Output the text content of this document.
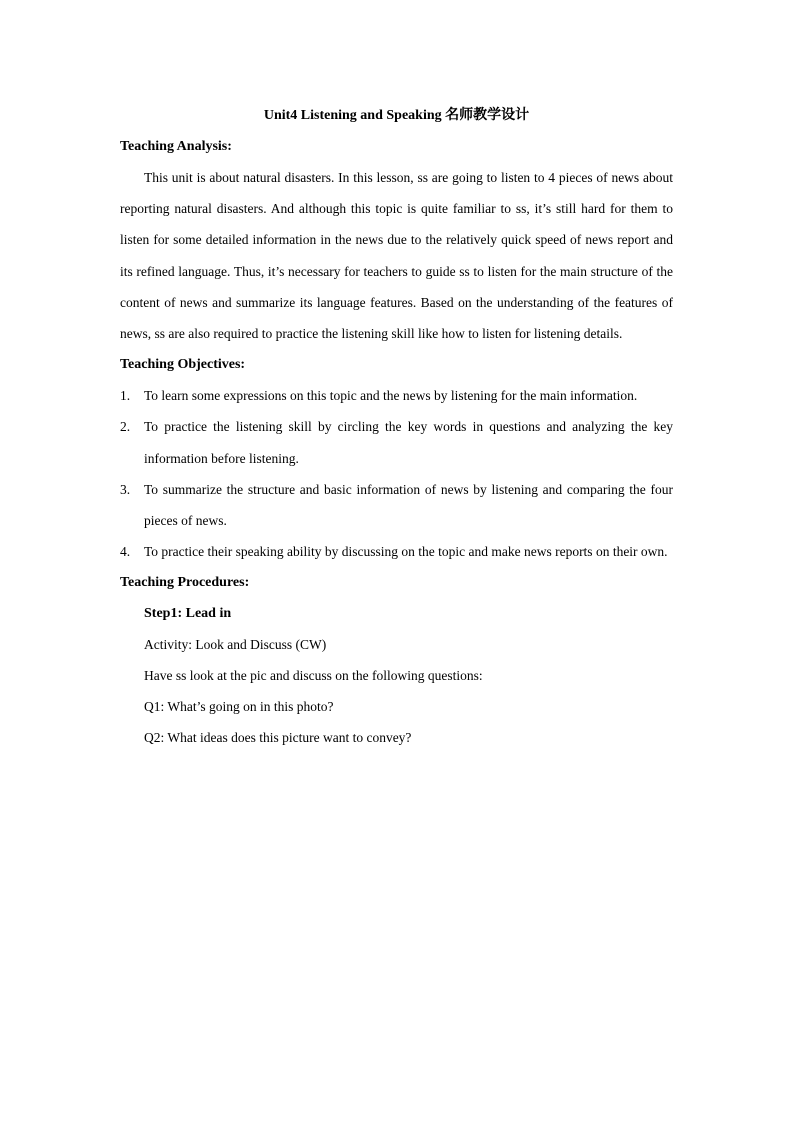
Unit4 Listening and Speaking 名师教学设计
Teaching Analysis:

This unit is about natural disasters. In this lesson, ss are going to listen to 4 pieces of news about reporting natural disasters. And although this topic is quite familiar to ss, it’s still hard for them to listen for some detailed information in the news due to the relatively quick speed of news report and its refined language. Thus, it’s necessary for teachers to guide ss to listen for the main structure of the content of news and summarize its language features. Based on the understanding of the features of news, ss are also required to practice the listening skill like how to listen for listening details.

Teaching Objectives:
1. To learn some expressions on this topic and the news by listening for the main information.
2. To practice the listening skill by circling the key words in questions and analyzing the key information before listening.
3. To summarize the structure and basic information of news by listening and comparing the four pieces of news.
4. To practice their speaking ability by discussing on the topic and make news reports on their own.
Teaching Procedures:
Step1: Lead in
Activity: Look and Discuss (CW)
Have ss look at the pic and discuss on the following questions:
Q1: What’s going on in this photo?
Q2: What ideas does this picture want to convey?
